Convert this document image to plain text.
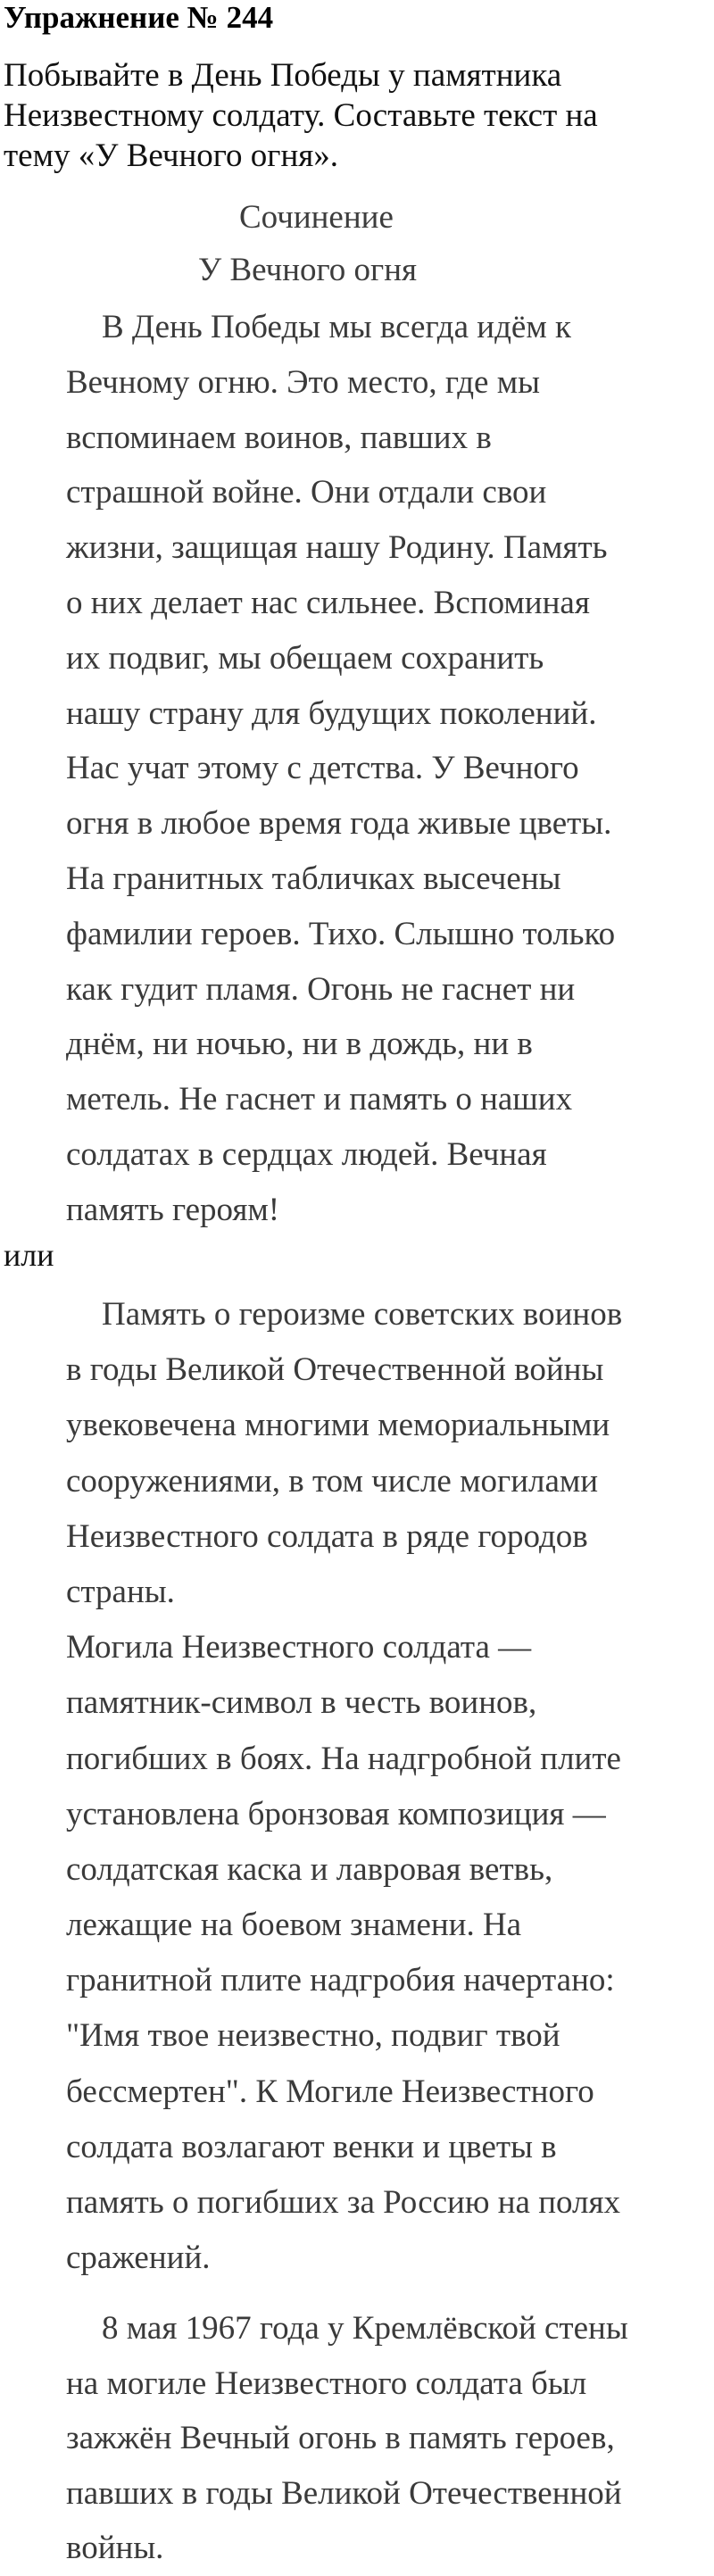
Упражнение № 244
Побывайте в День Победы у памятника
Неизвестному солдату. Составьте текст на
тему «У Вечного огня».
Сочинение
У Вечного огня
В День Победы мы всегда идём к
Вечному огню. Это место, где мы
вспоминаем воинов, павших в
страшной войне. Они отдали свои
жизни, защищая нашу Родину. Память
о них делает нас сильнее. Вспоминая
их подвиг, мы обещаем сохранить
нашу страну для будущих поколений.
Нас учат этому с детства. У Вечного
огня в любое время года живые цветы.
На гранитных табличках высечены
фамилии героев. Тихо. Слышно только
как гудит пламя. Огонь не гаснет ни
днём, ни ночью, ни в дождь, ни в
метель. Не гаснет и память о наших
солдатах в сердцах людей. Вечная
память героям!
или
Память о героизме советских воинов
в годы Великой Отечественной войны
увековечена многими мемориальными
сооружениями, в том числе могилами
Неизвестного солдата в ряде городов
страны.
Могила Неизвестного солдата —
памятник-символ в честь воинов,
погибших в боях. На надгробной плите
установлена бронзовая композиция —
солдатская каска и лавровая ветвь,
лежащие на боевом знамени. На
гранитной плите надгробия начертано:
"Имя твое неизвестно, подвиг твой
бессмертен". К Могиле Неизвестного
солдата возлагают венки и цветы в
память о погибших за Россию на полях
сражений.
8 мая 1967 года у Кремлёвской стены
на могиле Неизвестного солдата был
зажжён Вечный огонь в память героев,
павших в годы Великой Отечественной
войны.
